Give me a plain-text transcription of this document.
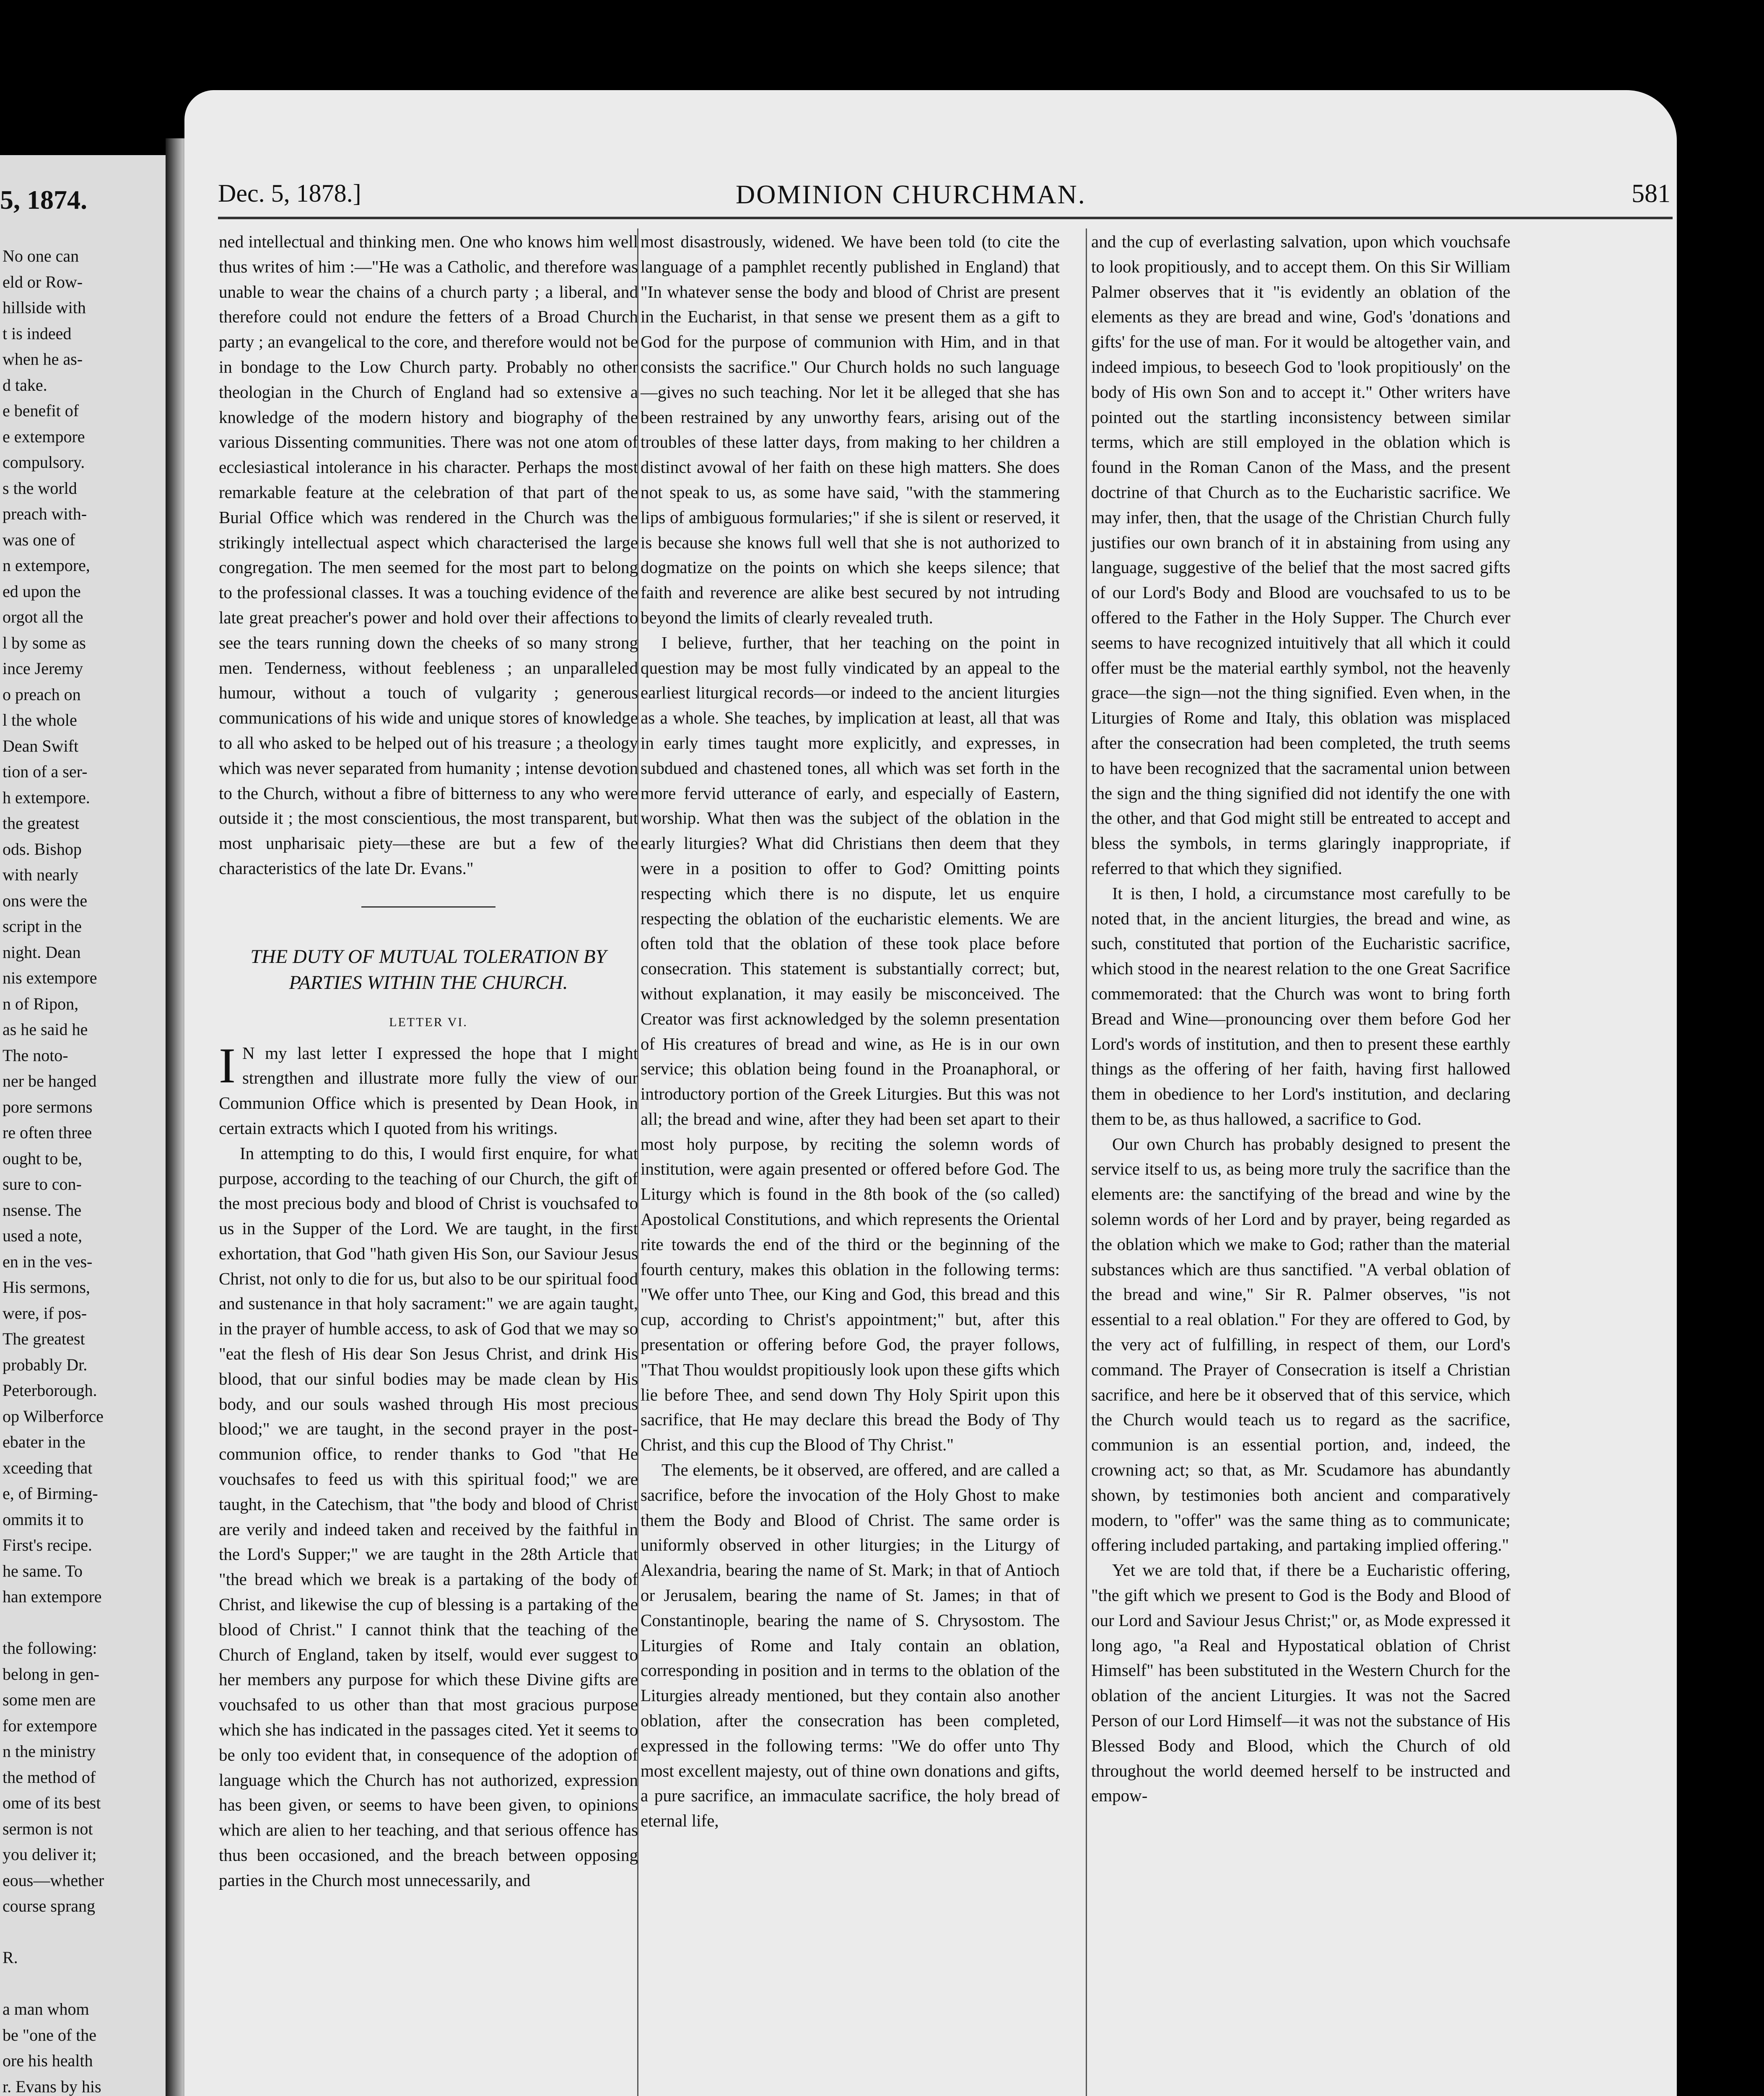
5, 1874.
No one can
eld or Row-
hillside with
t is indeed
when he as-
d take.
e benefit of
e extempore
compulsory.
s the world
preach with-
was one of
n extempore,
ed upon the
orgot all the
l by some as
ince Jeremy
o preach on
l the whole
Dean Swift
tion of a ser-
h extempore.
the greatest
ods. Bishop
with nearly
ons were the
script in the
night. Dean
nis extempore
n of Ripon,
as he said he
The noto-
ner be hanged
pore sermons
re often three
ought to be,
sure to con-
nsense. The
used a note,
en in the ves-
His sermons,
were, if pos-
The greatest
probably Dr.
Peterborough.
op Wilberforce
ebater in the
xceeding that
e, of Birming-
ommits it to
First's recipe.
he same. To
han extempore

the following:
belong in gen-
some men are
for extempore
n the ministry
the method of
ome of its best
sermon is not
you deliver it;
eous—whether
course sprang

R.

a man whom
be "one of the
ore his health
r. Evans by his
Dec. 5, 1878.]	DOMINION CHURCHMAN.	581

ned intellectual and thinking men. One who knows him well thus writes of him :—"He was a Catholic, and therefore was unable to wear the chains of a church party ; a liberal, and therefore could not endure the fetters of a Broad Church party ; an evangelical to the core, and therefore would not be in bondage to the Low Church party. Probably no other theologian in the Church of England had so extensive a knowledge of the modern history and biography of the various Dissenting communities. There was not one atom of ecclesiastical intolerance in his character. Perhaps the most remarkable feature at the celebration of that part of the Burial Office which was rendered in the Church was the strikingly intellectual aspect which characterised the large congregation. The men seemed for the most part to belong to the professional classes. It was a touching evidence of the late great preacher's power and hold over their affections to see the tears running down the cheeks of so many strong men. Tenderness, without feebleness ; an unparalleled humour, without a touch of vulgarity ; generous communications of his wide and unique stores of knowledge to all who asked to be helped out of his treasure ; a theology which was never separated from humanity ; intense devotion to the Church, without a fibre of bitterness to any who were outside it ; the most conscientious, the most transparent, but most unpharisaic piety—these are but a few of the characteristics of the late Dr. Evans."

THE DUTY OF MUTUAL TOLERATION BY PARTIES WITHIN THE CHURCH.
LETTER VI.

I N my last letter I expressed the hope that I might strengthen and illustrate more fully the view of our Communion Office which is presented by Dean Hook, in certain extracts which I quoted from his writings.

In attempting to do this, I would first enquire, for what purpose, according to the teaching of our Church, the gift of the most precious body and blood of Christ is vouchsafed to us in the Supper of the Lord. We are taught, in the first exhortation, that God "hath given His Son, our Saviour Jesus Christ, not only to die for us, but also to be our spiritual food and sustenance in that holy sacrament:" we are again taught, in the prayer of humble access, to ask of God that we may so "eat the flesh of His dear Son Jesus Christ, and drink His blood, that our sinful bodies may be made clean by His body, and our souls washed through His most precious blood;" we are taught, in the second prayer in the post-communion office, to render thanks to God "that He vouchsafes to feed us with this spiritual food;" we are taught, in the Catechism, that "the body and blood of Christ are verily and indeed taken and received by the faithful in the Lord's Supper;" we are taught in the 28th Article that "the bread which we break is a partaking of the body of Christ, and likewise the cup of blessing is a partaking of the blood of Christ." I cannot think that the teaching of the Church of England, taken by itself, would ever suggest to her members any purpose for which these Divine gifts are vouchsafed to us other than that most gracious purpose which she has indicated in the passages cited. Yet it seems to be only too evident that, in consequence of the adoption of language which the Church has not authorized, expression has been given, or seems to have been given, to opinions which are alien to her teaching, and that serious offence has thus been occasioned, and the breach between opposing parties in the Church most unnecessarily, and

most disastrously, widened. We have been told (to cite the language of a pamphlet recently published in England) that "In whatever sense the body and blood of Christ are present in the Eucharist, in that sense we present them as a gift to God for the purpose of communion with Him, and in that consists the sacrifice." Our Church holds no such language—gives no such teaching. Nor let it be alleged that she has been restrained by any unworthy fears, arising out of the troubles of these latter days, from making to her children a distinct avowal of her faith on these high matters. She does not speak to us, as some have said, "with the stammering lips of ambiguous formularies;" if she is silent or reserved, it is because she knows full well that she is not authorized to dogmatize on the points on which she keeps silence; that faith and reverence are alike best secured by not intruding beyond the limits of clearly revealed truth.

I believe, further, that her teaching on the point in question may be most fully vindicated by an appeal to the earliest liturgical records—or indeed to the ancient liturgies as a whole. She teaches, by implication at least, all that was in early times taught more explicitly, and expresses, in subdued and chastened tones, all which was set forth in the more fervid utterance of early, and especially of Eastern, worship. What then was the subject of the oblation in the early liturgies? What did Christians then deem that they were in a position to offer to God? Omitting points respecting which there is no dispute, let us enquire respecting the oblation of the eucharistic elements. We are often told that the oblation of these took place before consecration. This statement is substantially correct; but, without explanation, it may easily be misconceived. The Creator was first acknowledged by the solemn presentation of His creatures of bread and wine, as He is in our own service; this oblation being found in the Proanaphoral, or introductory portion of the Greek Liturgies. But this was not all; the bread and wine, after they had been set apart to their most holy purpose, by reciting the solemn words of institution, were again presented or offered before God. The Liturgy which is found in the 8th book of the (so called) Apostolical Constitutions, and which represents the Oriental rite towards the end of the third or the beginning of the fourth century, makes this oblation in the following terms: "We offer unto Thee, our King and God, this bread and this cup, according to Christ's appointment;" but, after this presentation or offering before God, the prayer follows, "That Thou wouldst propitiously look upon these gifts which lie before Thee, and send down Thy Holy Spirit upon this sacrifice, that He may declare this bread the Body of Thy Christ, and this cup the Blood of Thy Christ."

The elements, be it observed, are offered, and are called a sacrifice, before the invocation of the Holy Ghost to make them the Body and Blood of Christ. The same order is uniformly observed in other liturgies; in the Liturgy of Alexandria, bearing the name of St. Mark; in that of Antioch or Jerusalem, bearing the name of St. James; in that of Constantinople, bearing the name of S. Chrysostom. The Liturgies of Rome and Italy contain an oblation, corresponding in position and in terms to the oblation of the Liturgies already mentioned, but they contain also another oblation, after the consecration has been completed, expressed in the following terms: "We do offer unto Thy most excellent majesty, out of thine own donations and gifts, a pure sacrifice, an immaculate sacrifice, the holy bread of eternal life,

and the cup of everlasting salvation, upon which vouchsafe to look propitiously, and to accept them. On this Sir William Palmer observes that it "is evidently an oblation of the elements as they are bread and wine, God's 'donations and gifts' for the use of man. For it would be altogether vain, and indeed impious, to beseech God to 'look propitiously' on the body of His own Son and to accept it." Other writers have pointed out the startling inconsistency between similar terms, which are still employed in the oblation which is found in the Roman Canon of the Mass, and the present doctrine of that Church as to the Eucharistic sacrifice. We may infer, then, that the usage of the Christian Church fully justifies our own branch of it in abstaining from using any language, suggestive of the belief that the most sacred gifts of our Lord's Body and Blood are vouchsafed to us to be offered to the Father in the Holy Supper. The Church ever seems to have recognized intuitively that all which it could offer must be the material earthly symbol, not the heavenly grace—the sign—not the thing signified. Even when, in the Liturgies of Rome and Italy, this oblation was misplaced after the consecration had been completed, the truth seems to have been recognized that the sacramental union between the sign and the thing signified did not identify the one with the other, and that God might still be entreated to accept and bless the symbols, in terms glaringly inappropriate, if referred to that which they signified.

It is then, I hold, a circumstance most carefully to be noted that, in the ancient liturgies, the bread and wine, as such, constituted that portion of the Eucharistic sacrifice, which stood in the nearest relation to the one Great Sacrifice commemorated: that the Church was wont to bring forth Bread and Wine—pronouncing over them before God her Lord's words of institution, and then to present these earthly things as the offering of her faith, having first hallowed them in obedience to her Lord's institution, and declaring them to be, as thus hallowed, a sacrifice to God.

Our own Church has probably designed to present the service itself to us, as being more truly the sacrifice than the elements are: the sanctifying of the bread and wine by the solemn words of her Lord and by prayer, being regarded as the oblation which we make to God; rather than the material substances which are thus sanctified. "A verbal oblation of the bread and wine," Sir R. Palmer observes, "is not essential to a real oblation." For they are offered to God, by the very act of fulfilling, in respect of them, our Lord's command. The Prayer of Consecration is itself a Christian sacrifice, and here be it observed that of this service, which the Church would teach us to regard as the sacrifice, communion is an essential portion, and, indeed, the crowning act; so that, as Mr. Scudamore has abundantly shown, by testimonies both ancient and comparatively modern, to "offer" was the same thing as to communicate; offering included partaking, and partaking implied offering."

Yet we are told that, if there be a Eucharistic offering, "the gift which we present to God is the Body and Blood of our Lord and Saviour Jesus Christ;" or, as Mode expressed it long ago, "a Real and Hypostatical oblation of Christ Himself" has been substituted in the Western Church for the oblation of the ancient Liturgies. It was not the Sacred Person of our Lord Himself—it was not the substance of His Blessed Body and Blood, which the Church of old throughout the world deemed herself to be instructed and empow-
